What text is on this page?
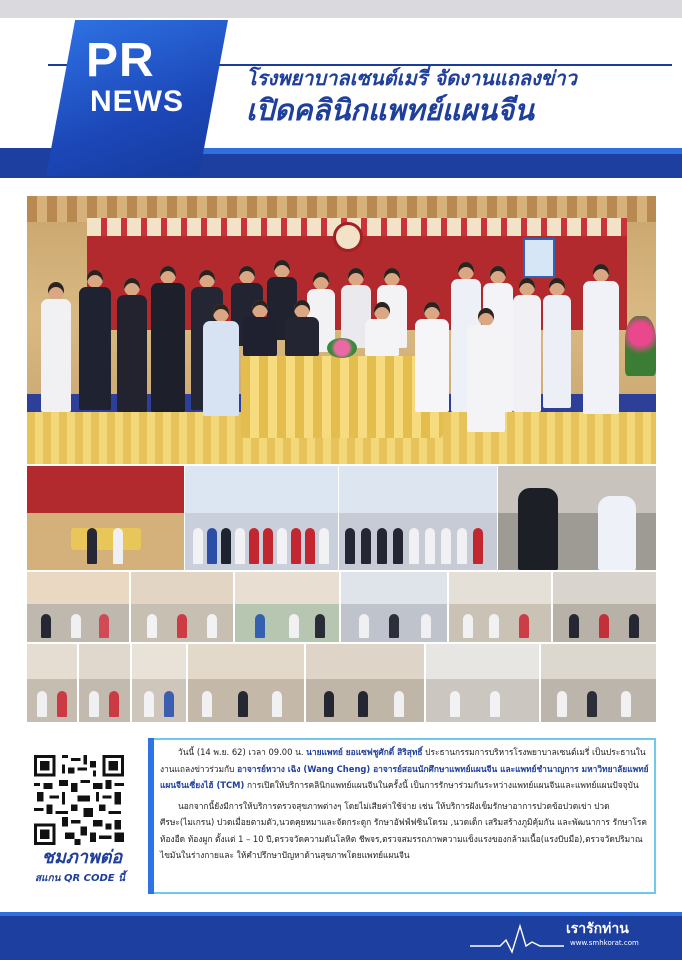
PR
NEWS
โรงพยาบาลเซนต์เมรี่ จัดงานแถลงข่าว
เปิดคลินิกแพทย์แผนจีน
ชมภาพต่อ
สแกน QR CODE นี้

วันนี้ (14 พ.ย. 62) เวลา 09.00 น. นายแพทย์ ยอแซฟชูศักดิ์ สิริสุทธิ์ ประธานกรรมการบริหารโรงพยาบาลเซนต์เมรี่ เป็นประธานในงานแถลงข่าวร่วมกับ อาจารย์หวาง เฉิง (Wang Cheng) อาจารย์สอนนักศึกษาแพทย์แผนจีน และแพทย์ชำนาญการ มหาวิทยาลัยแพทย์แผนจีนเซี่ยงไฮ้ (TCM) การเปิดให้บริการคลินิกแพทย์แผนจีนในครั้งนี้ เป็นการรักษาร่วมกันระหว่างแพทย์แผนจีนและแพทย์แผนปัจจุบัน

นอกจากนี้ยังมีการให้บริการตรวจสุขภาพต่างๆ โดยไม่เสียค่าใช้จ่าย เช่น ให้บริการฝังเข็มรักษาอาการปวดข้อปวดเข่า ปวดศีรษะ(ไมเกรน) ปวดเมื่อยตามตัว,นวดคุยหมาและจัดกระดูก รักษาอัฟฟ์ฟซินโดรม ,นวดเด็ก เสริมสร้างภูมิคุ้มกัน และพัฒนาการ รักษาโรคท้องอืด ท้องผูก ตั้งแต่ 1 – 10 ปี,ตรวจวัดความดันโลหิต ชีพจร,ตรวจสมรรถภาพความแข็งแรงของกล้ามเนื้อ(แรงบีบมือ),ตรวจวัดปริมาณไขมันในร่างกายและ ให้คำปรึกษาปัญหาด้านสุขภาพโดยแพทย์แผนจีน

เรารักท่าน
www.smhkorat.com
